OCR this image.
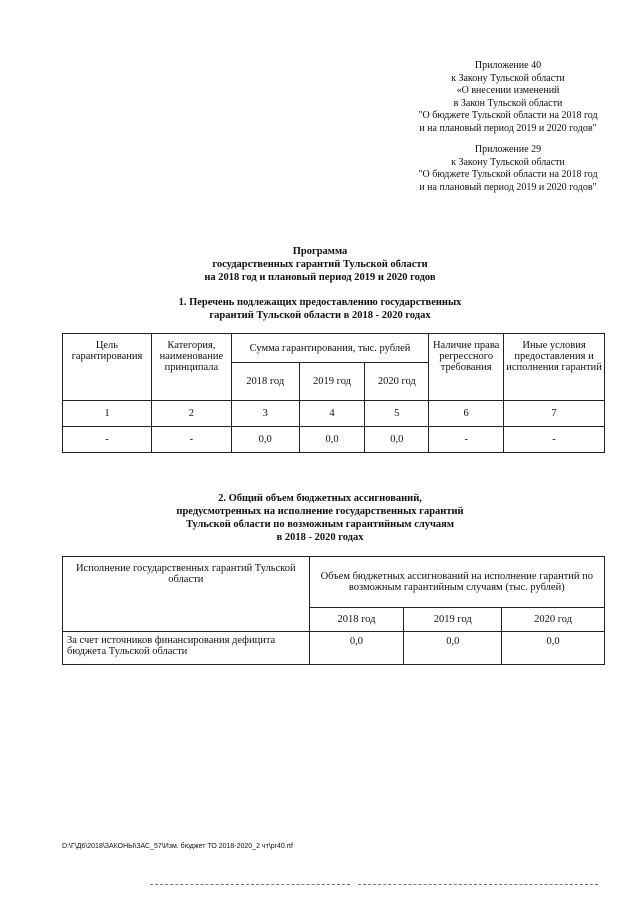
Приложение 40
к Закону Тульской области
«О внесении изменений
в Закон Тульской области
"О бюджете Тульской области на 2018 год
и на плановый период 2019 и 2020 годов"
Приложение 29
к Закону Тульской области
"О бюджете Тульской области на 2018 год
и на плановый период 2019 и 2020 годов"
Программа
государственных гарантий Тульской области
на 2018 год и плановый период 2019 и 2020 годов
1. Перечень подлежащих предоставлению государственных
гарантий Тульской области в 2018 - 2020 годах
Цель гарантирования	Категория, наименование принципала	Сумма гарантирования, тыс. рублей			Наличие права регрессного требования	Иные условия предоставления и исполнения гарантий
		2018 год	2019 год	2020 год		
1	2	3	4	5	6	7
-	-	0,0	0,0	0,0	-	-
2. Общий объем бюджетных ассигнований,
предусмотренных на исполнение государственных гарантий
Тульской области по возможным гарантийным случаям
в 2018 - 2020 годах
Исполнение государственных гарантий Тульской области	Объем бюджетных ассигнований на исполнение гарантий по возможным гарантийным случаям (тыс. рублей)		
	2018 год	2019 год	2020 год
За счет источников финансирования дефицита бюджета Тульской области	0,0	0,0	0,0
D:\Г\Д6\2018\ЗАКОНЫ\ЗАС_57\Изм. бюджет ТО 2018-2020_2 чт\pr40.rtf
